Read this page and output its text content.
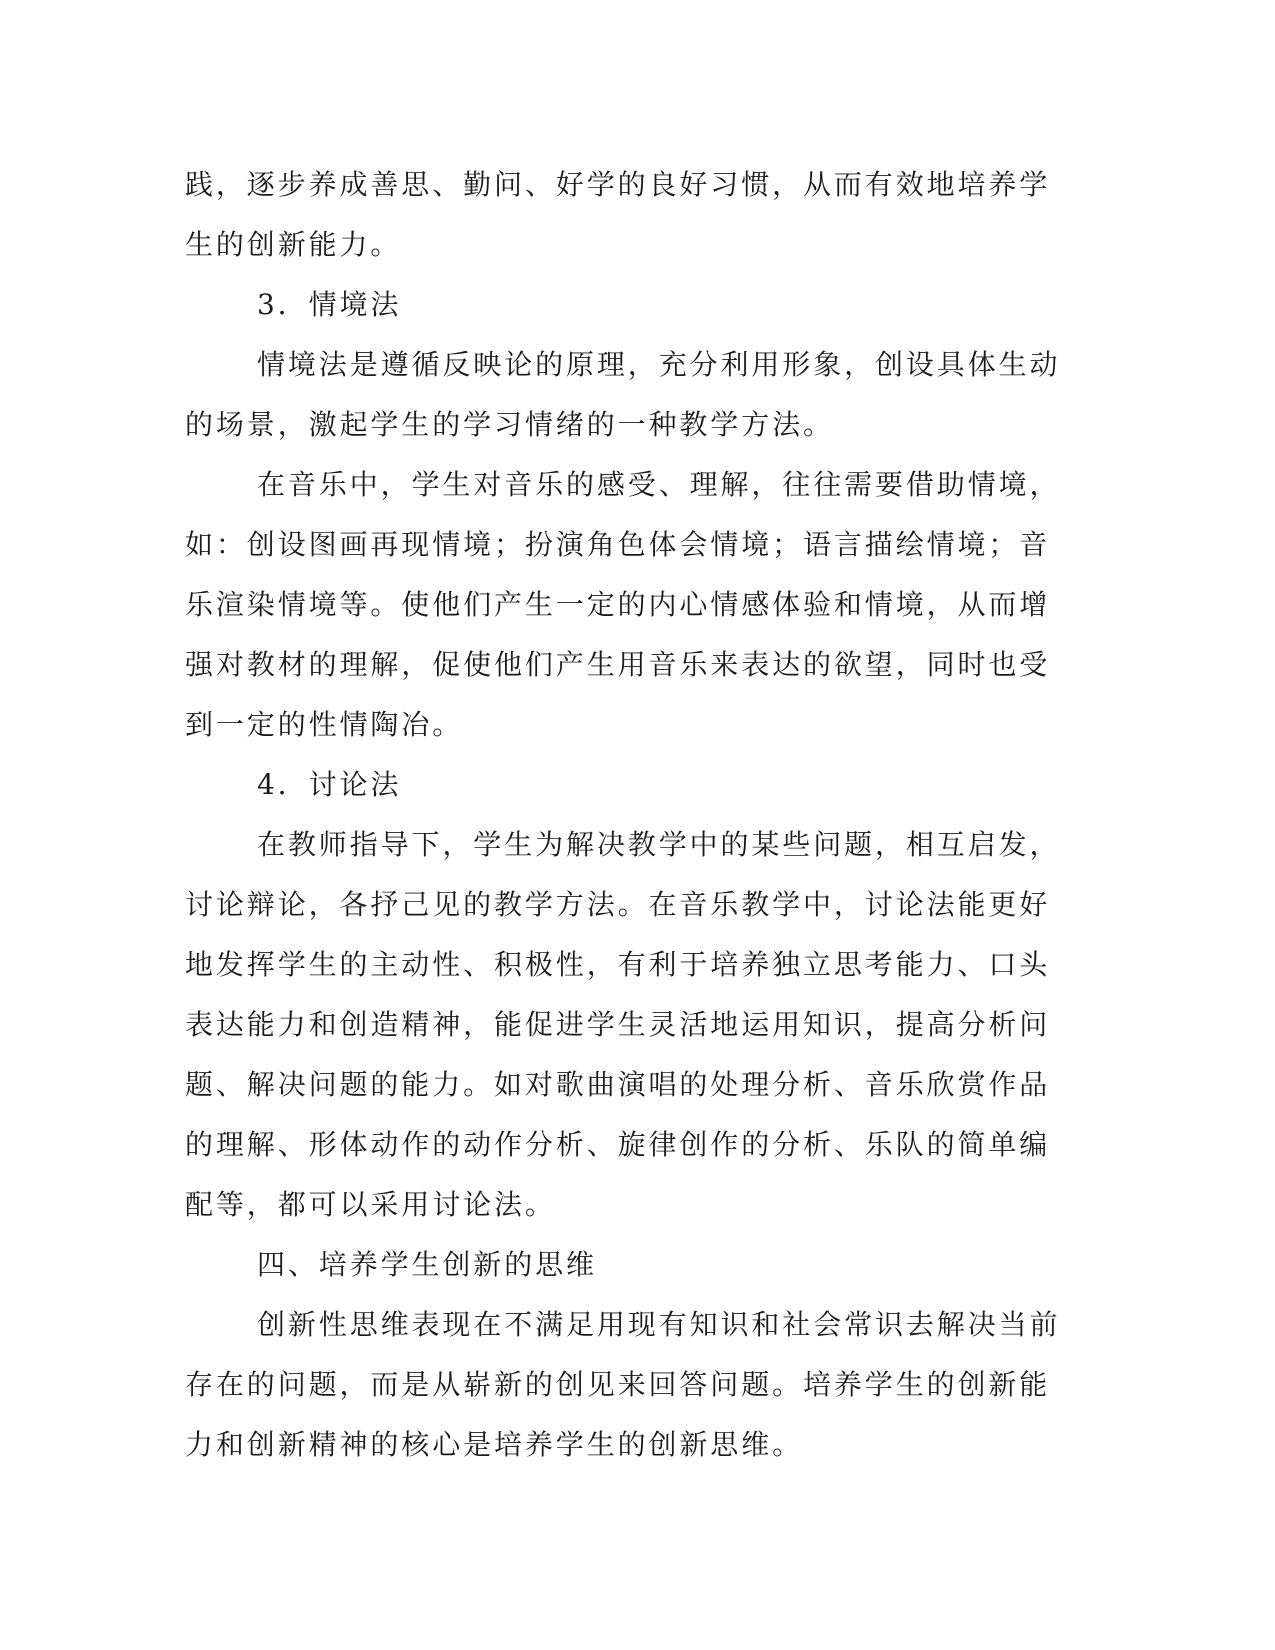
践，逐步养成善思、勤问、好学的良好习惯，从而有效地培养学生的创新能力。

3．情境法

情境法是遵循反映论的原理，充分利用形象，创设具体生动的场景，激起学生的学习情绪的一种教学方法。

在音乐中，学生对音乐的感受、理解，往往需要借助情境，如：创设图画再现情境；扮演角色体会情境；语言描绘情境；音乐渲染情境等。使他们产生一定的内心情感体验和情境，从而增强对教材的理解，促使他们产生用音乐来表达的欲望，同时也受到一定的性情陶冶。

4．讨论法

在教师指导下，学生为解决教学中的某些问题，相互启发，讨论辩论，各抒己见的教学方法。在音乐教学中，讨论法能更好地发挥学生的主动性、积极性，有利于培养独立思考能力、口头表达能力和创造精神，能促进学生灵活地运用知识，提高分析问题、解决问题的能力。如对歌曲演唱的处理分析、音乐欣赏作品的理解、形体动作的动作分析、旋律创作的分析、乐队的简单编配等，都可以采用讨论法。

四、培养学生创新的思维

创新性思维表现在不满足用现有知识和社会常识去解决当前存在的问题，而是从崭新的创见来回答问题。培养学生的创新能力和创新精神的核心是培养学生的创新思维。
